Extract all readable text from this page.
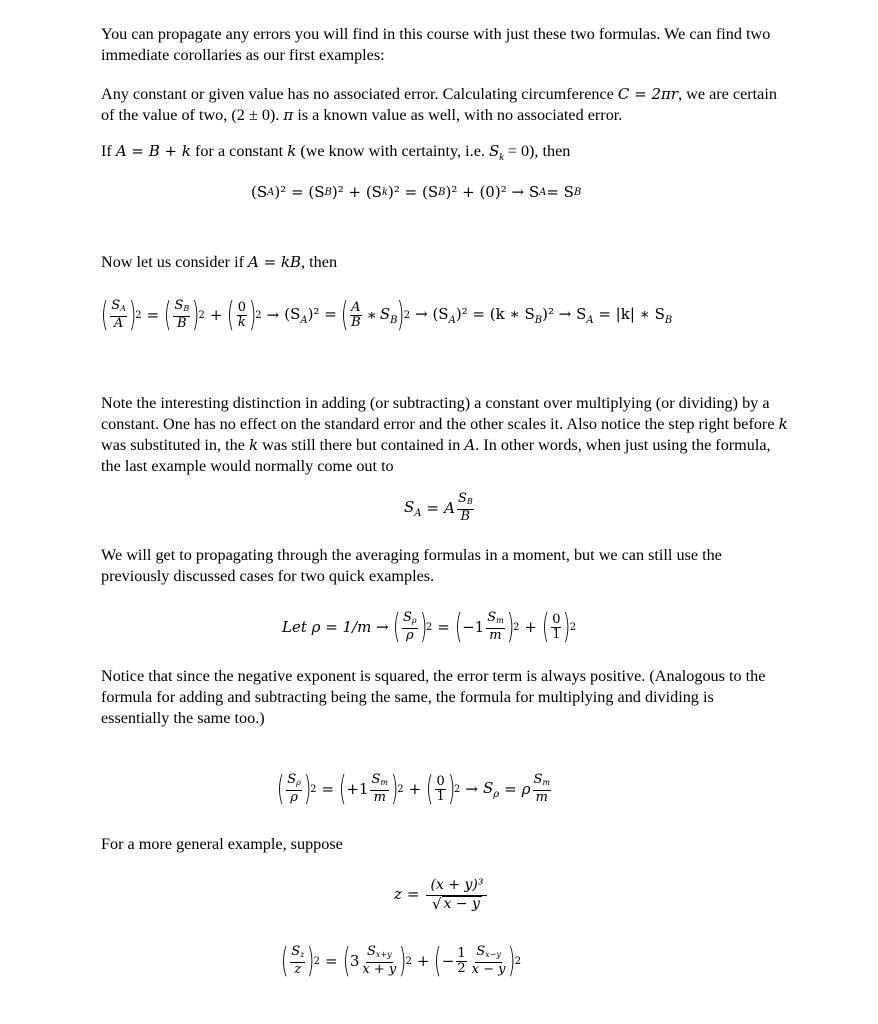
You can propagate any errors you will find in this course with just these two formulas. We can find two immediate corollaries as our first examples:

Any constant or given value has no associated error. Calculating circumference C = 2πr, we are certain of the value of two, (2 ± 0). π is a known value as well, with no associated error.

If A = B + k for a constant k (we know with certainty, i.e. $S_k = 0$), then

(S A )² = (S B )² + (S k )² = (S B )² + (0)² → S A = S B

Now let us consider if A = kB, then

( $\frac{S_A}{A}$ )
2 = ( $\frac{S_B}{B}$ )
2 + ( $\frac{0}{k}$ )
$2 \to (S_A)^2$ = ( $\frac{A}{B}$ ∗ $S_B$ )
$2 \to (S_A)^2 = (k$ ∗ $S_B)^2 \to S_A = |k|$ ∗ $S_B$

Note the interesting distinction in adding (or subtracting) a constant over multiplying (or dividing) by a constant. One has no effect on the standard error and the other scales it. Also notice the step right before k was substituted in, the k was still there but contained in A. In other words, when just using the formula, the last example would normally come out to

$S_A = A \frac{S_B}{B}$

We will get to propagating through the averaging formulas in a moment, but we can still use the previously discussed cases for two quick examples.

Let ρ = 1/m → ( $\frac{S_\rho}{\rho}$ )
2 = ( $-1 \frac{S_m}{m}$ )
2 + ( $\frac{0}{1}$ )
2

Notice that since the negative exponent is squared, the error term is always positive. (Analogous to the formula for adding and subtracting being the same, the formula for multiplying and dividing is essentially the same too.)

( $\frac{S_\rho}{\rho}$ )
2 = ( $+1 \frac{S_m}{m}$ )
2 + ( $\frac{0}{1}$ )
$2 \to S_\rho = \rho \frac{S_m}{m}$

For a more general example, suppose

$z = \frac{\text{(x + y)³}}{√ x - y}$
( $\frac{S_z}{z}$ )
2 = ( $3 \frac{S_{x+y}}{x + y}$ )
2 + ( − $\frac{1}{2} \frac{S_{x-y}}{x - y}$ )
2
